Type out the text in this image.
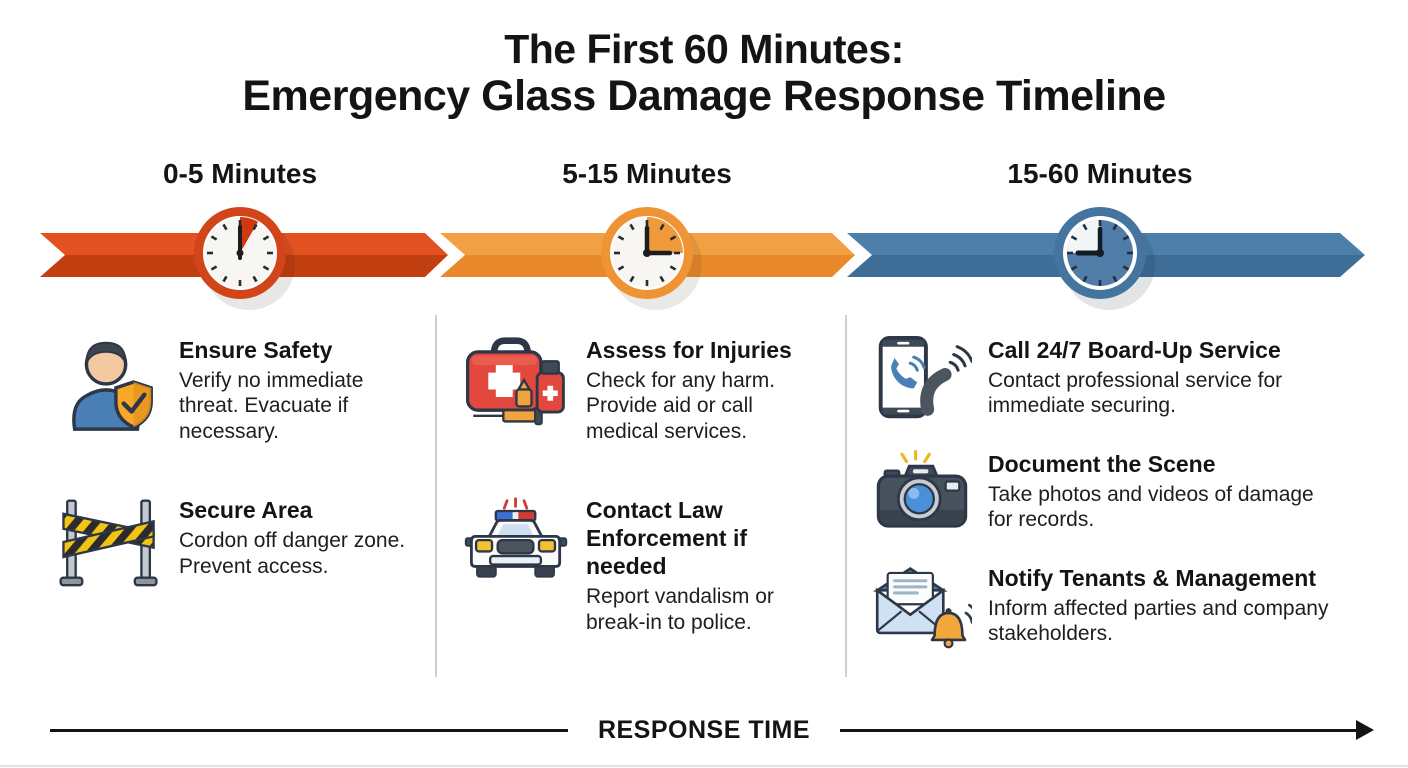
The First 60 Minutes:
Emergency Glass Damage Response Timeline
0-5 Minutes	5-15 Minutes	15-60 Minutes
Ensure Safety
Verify no immediate threat. Evacuate if necessary.
Secure Area
Cordon off danger zone. Prevent access.
Assess for Injuries
Check for any harm. Provide aid or call medical services.
Contact Law Enforcement if needed
Report vandalism or break-in to police.
Call 24/7 Board-Up Service
Contact professional service for immediate securing.
Document the Scene
Take photos and videos of damage for records.
Notify Tenants & Management
Inform affected parties and company stakeholders.
RESPONSE TIME
